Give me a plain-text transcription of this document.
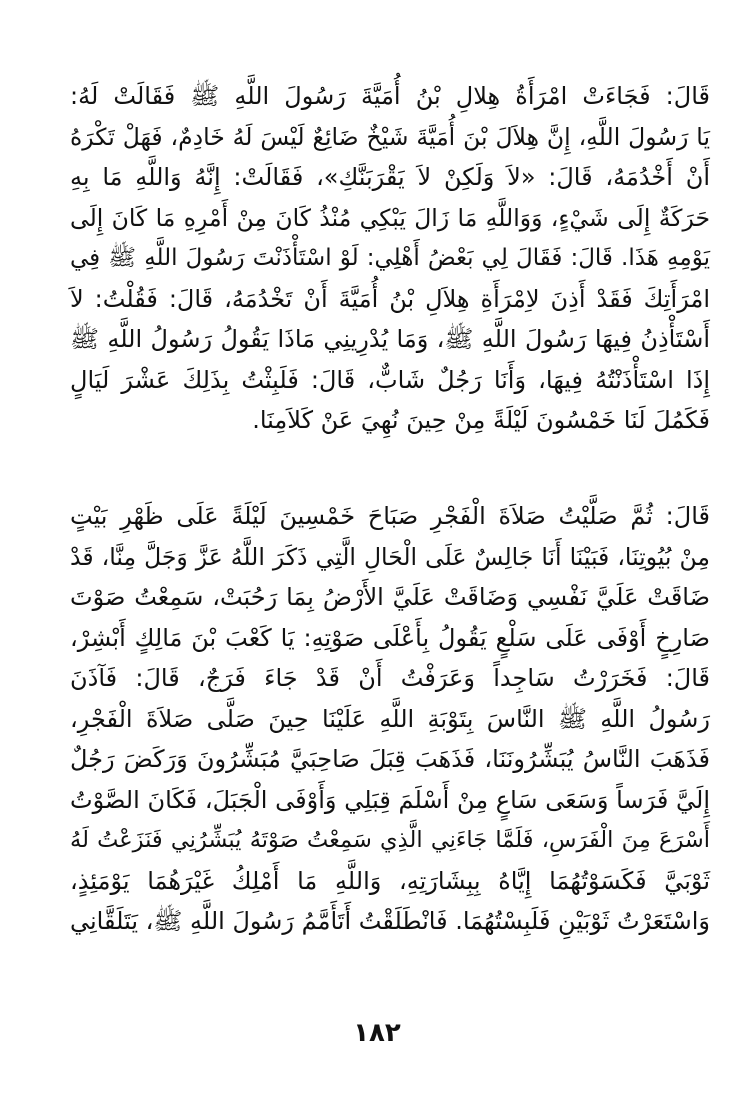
قَالَ: فَجَاءَتْ امْرَأَةُ هِلالِ بْنُ أُمَيَّةَ رَسُولَ اللَّهِ ﷺ فَقَالَتْ لَهُ:
يَا رَسُولَ اللَّهِ، إِنَّ هِلاَلَ بْنَ أُمَيَّةَ شَيْخٌ ضَائِعٌ لَيْسَ لَهُ خَادِمٌ، فَهَلْ تَكْرَهُ
أَنْ أَخْدُمَهُ، قَالَ: «لاَ وَلَكِنْ لاَ يَقْرَبَنَّكِ»، فَقَالَتْ: إِنَّهُ وَاللَّهِ مَا بِهِ
حَرَكَةٌ إِلَى شَيْءٍ، وَوَاللَّهِ مَا زَالَ يَبْكِي مُنْذُ كَانَ مِنْ أَمْرِهِ مَا كَانَ إِلَى
يَوْمِهِ هَذَا. قَالَ: فَقَالَ لِي بَعْضُ أَهْلِي: لَوْ اسْتَأْذَنْتَ رَسُولَ اللَّهِ ﷺ فِي
امْرَأَتِكَ فَقَدْ أَذِنَ لاِمْرَأَةِ هِلاَلِ بْنُ أُمَيَّةَ أَنْ تَخْدُمَهُ، قَالَ: فَقُلْتُ: لاَ
أَسْتَأْذِنُ فِيهَا رَسُولَ اللَّهِ ﷺ، وَمَا يُدْرِينِي مَاذَا يَقُولُ رَسُولُ اللَّهِ ﷺ
إِذَا اسْتَأْذَنْتُهُ فِيهَا، وَأَنَا رَجُلٌ شَابٌّ، قَالَ: فَلَبِثْتُ بِذَلِكَ عَشْرَ لَيَالٍ
فَكَمُلَ لَنَا خَمْسُونَ لَيْلَةً مِنْ حِينَ نُهِيَ عَنْ كَلاَمِنَا.
قَالَ: ثُمَّ صَلَّيْتُ صَلاَةَ الْفَجْرِ صَبَاحَ خَمْسِينَ لَيْلَةً عَلَى ظَهْرِ بَيْتٍ
مِنْ بُيُوتِنَا، فَبَيْنَا أَنَا جَالِسٌ عَلَى الْحَالِ الَّتِي ذَكَرَ اللَّهُ عَزَّ وَجَلَّ مِنَّا، قَدْ
ضَاقَتْ عَلَيَّ نَفْسِي وَضَاقَتْ عَلَيَّ الأَرْضُ بِمَا رَحُبَتْ، سَمِعْتُ صَوْتَ
صَارِخٍ أَوْفَى عَلَى سَلْعٍ يَقُولُ بِأَعْلَى صَوْتِهِ: يَا كَعْبَ بْنَ مَالِكٍ أَبْشِرْ،
قَالَ: فَخَرَرْتُ سَاجِداً وَعَرَفْتُ أَنْ قَدْ جَاءَ فَرَجٌ، قَالَ: فَآذَنَ
رَسُولُ اللَّهِ ﷺ النَّاسَ بِتَوْبَةِ اللَّهِ عَلَيْنَا حِينَ صَلَّى صَلاَةَ الْفَجْرِ،
فَذَهَبَ النَّاسُ يُبَشِّرُونَنَا، فَذَهَبَ قِبَلَ صَاحِبَيَّ مُبَشِّرُونَ وَرَكَضَ رَجُلٌ
إِلَيَّ فَرَساً وَسَعَى سَاعٍ مِنْ أَسْلَمَ قِبَلِي وَأَوْفَى الْجَبَلَ، فَكَانَ الصَّوْتُ
أَسْرَعَ مِنَ الْفَرَسِ، فَلَمَّا جَاءَنِي الَّذِي سَمِعْتُ صَوْتَهُ يُبَشِّرُنِي فَنَزَعْتُ لَهُ
ثَوْبَيَّ فَكَسَوْتُهُمَا إِيَّاهُ بِبِشَارَتِهِ، وَاللَّهِ مَا أَمْلِكُ غَيْرَهُمَا يَوْمَئِذٍ،
وَاسْتَعَرْتُ ثَوْبَيْنِ فَلَبِسْتُهُمَا. فَانْطَلَقْتُ أَتَأَمَّمُ رَسُولَ اللَّهِ ﷺ، يَتَلَقَّانِي
١٨٢
